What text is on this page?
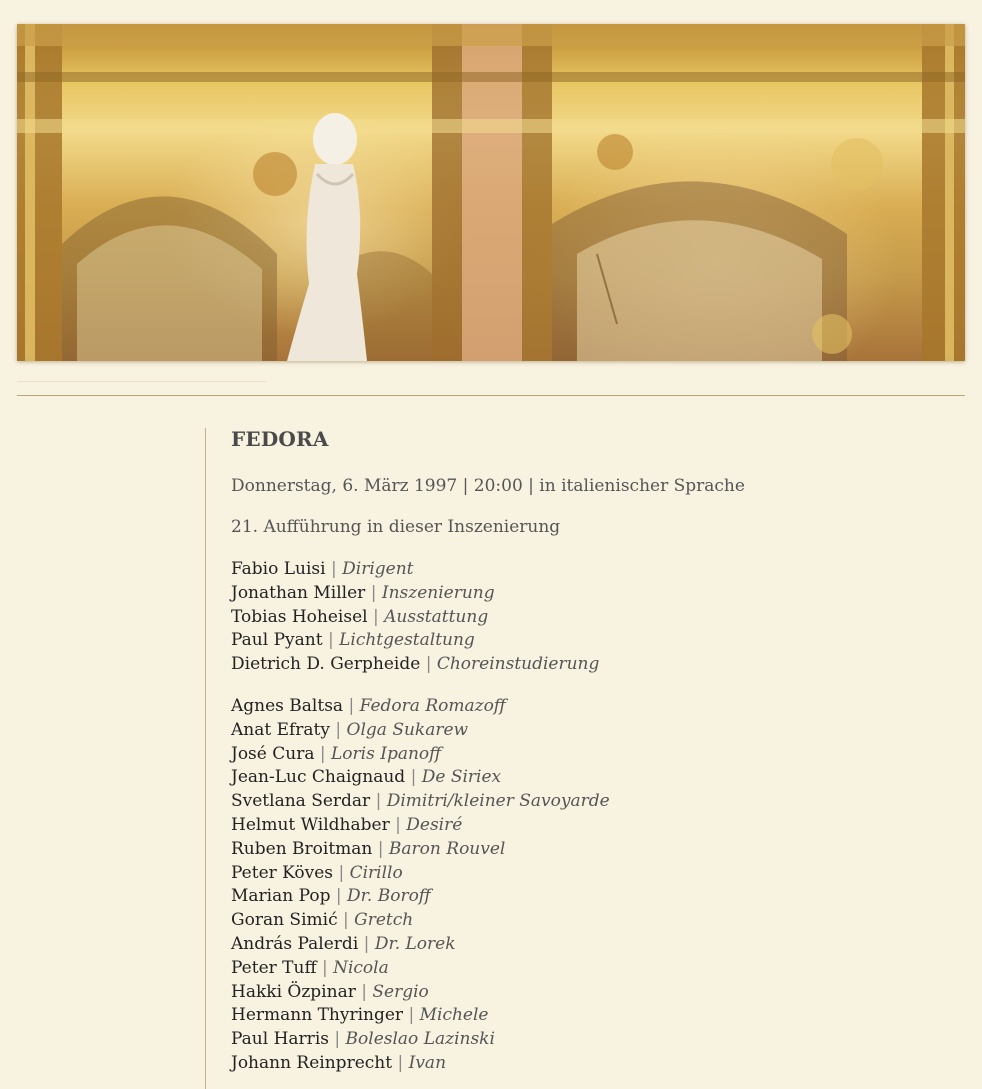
FEDORA
Donnerstag, 6. März 1997 | 20:00 | in italienischer Sprache
21. Aufführung in dieser Inszenierung
Fabio Luisi | Dirigent
Jonathan Miller | Inszenierung
Tobias Hoheisel | Ausstattung
Paul Pyant | Lichtgestaltung
Dietrich D. Gerpheide | Choreinstudierung
Agnes Baltsa | Fedora Romazoff
Anat Efraty | Olga Sukarew
José Cura | Loris Ipanoff
Jean-Luc Chaignaud | De Siriex
Svetlana Serdar | Dimitri/kleiner Savoyarde
Helmut Wildhaber | Desiré
Ruben Broitman | Baron Rouvel
Peter Köves | Cirillo
Marian Pop | Dr. Boroff
Goran Simić | Gretch
András Palerdi | Dr. Lorek
Peter Tuff | Nicola
Hakki Özpinar | Sergio
Hermann Thyringer | Michele
Paul Harris | Boleslao Lazinski
Johann Reinprecht | Ivan
